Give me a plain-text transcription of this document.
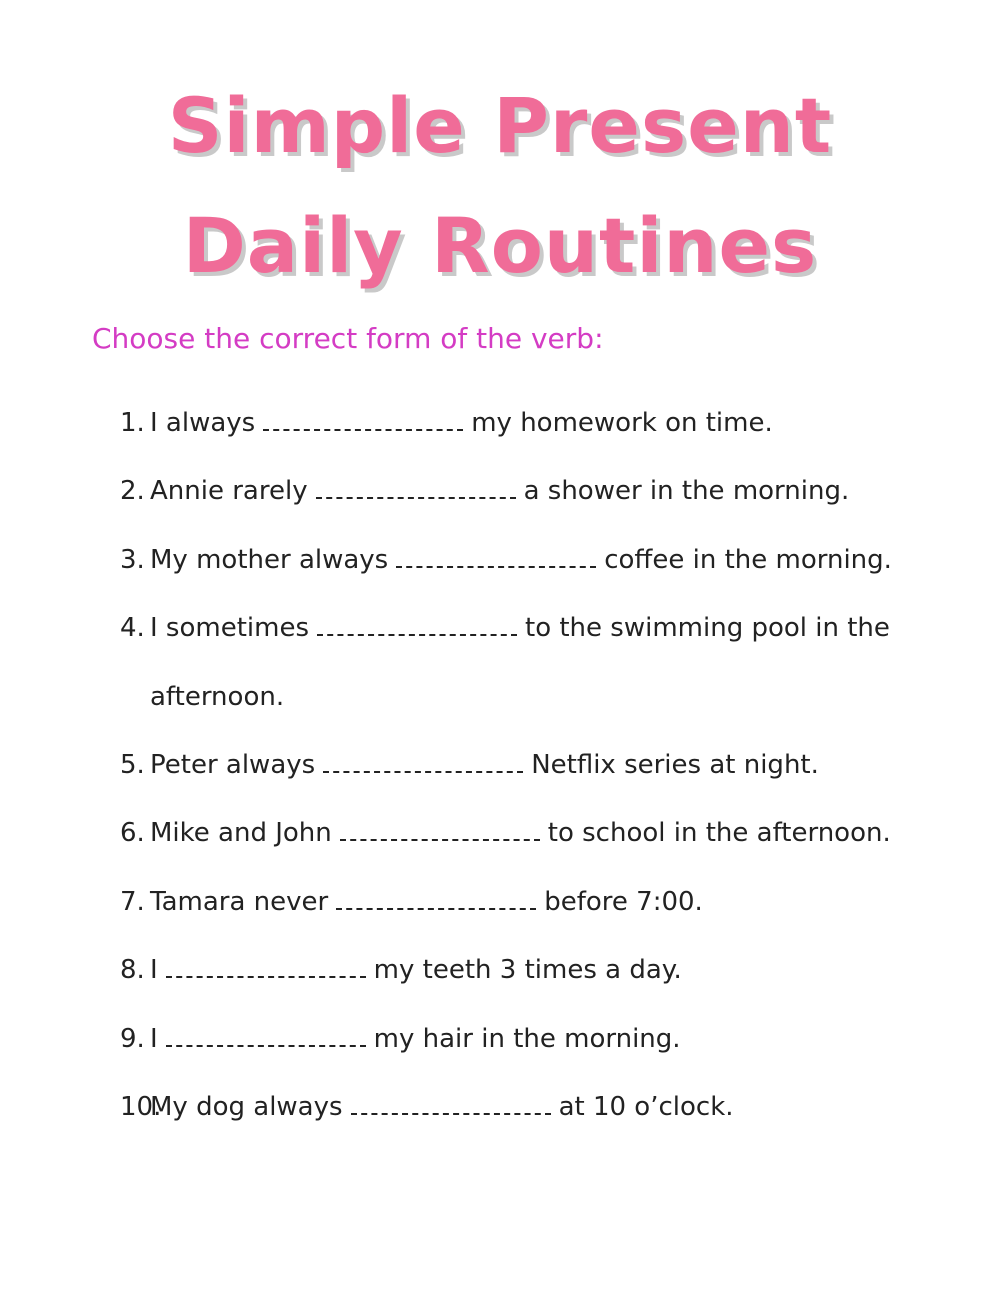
Simple Present
Daily Routines
Choose the correct form of the verb:
1. I always	my homework on time.
2. Annie rarely	a shower in the morning.
3. My mother always	coffee in the morning.
4. I sometimes	to the swimming pool in the
afternoon.
5. Peter always	Netflix series at night.
6. Mike and John	to school in the afternoon.
7. Tamara never	before 7:00.
8. I	my teeth 3 times a day.
9. I	my hair in the morning.
10.My dog always	at 10 o’clock.
